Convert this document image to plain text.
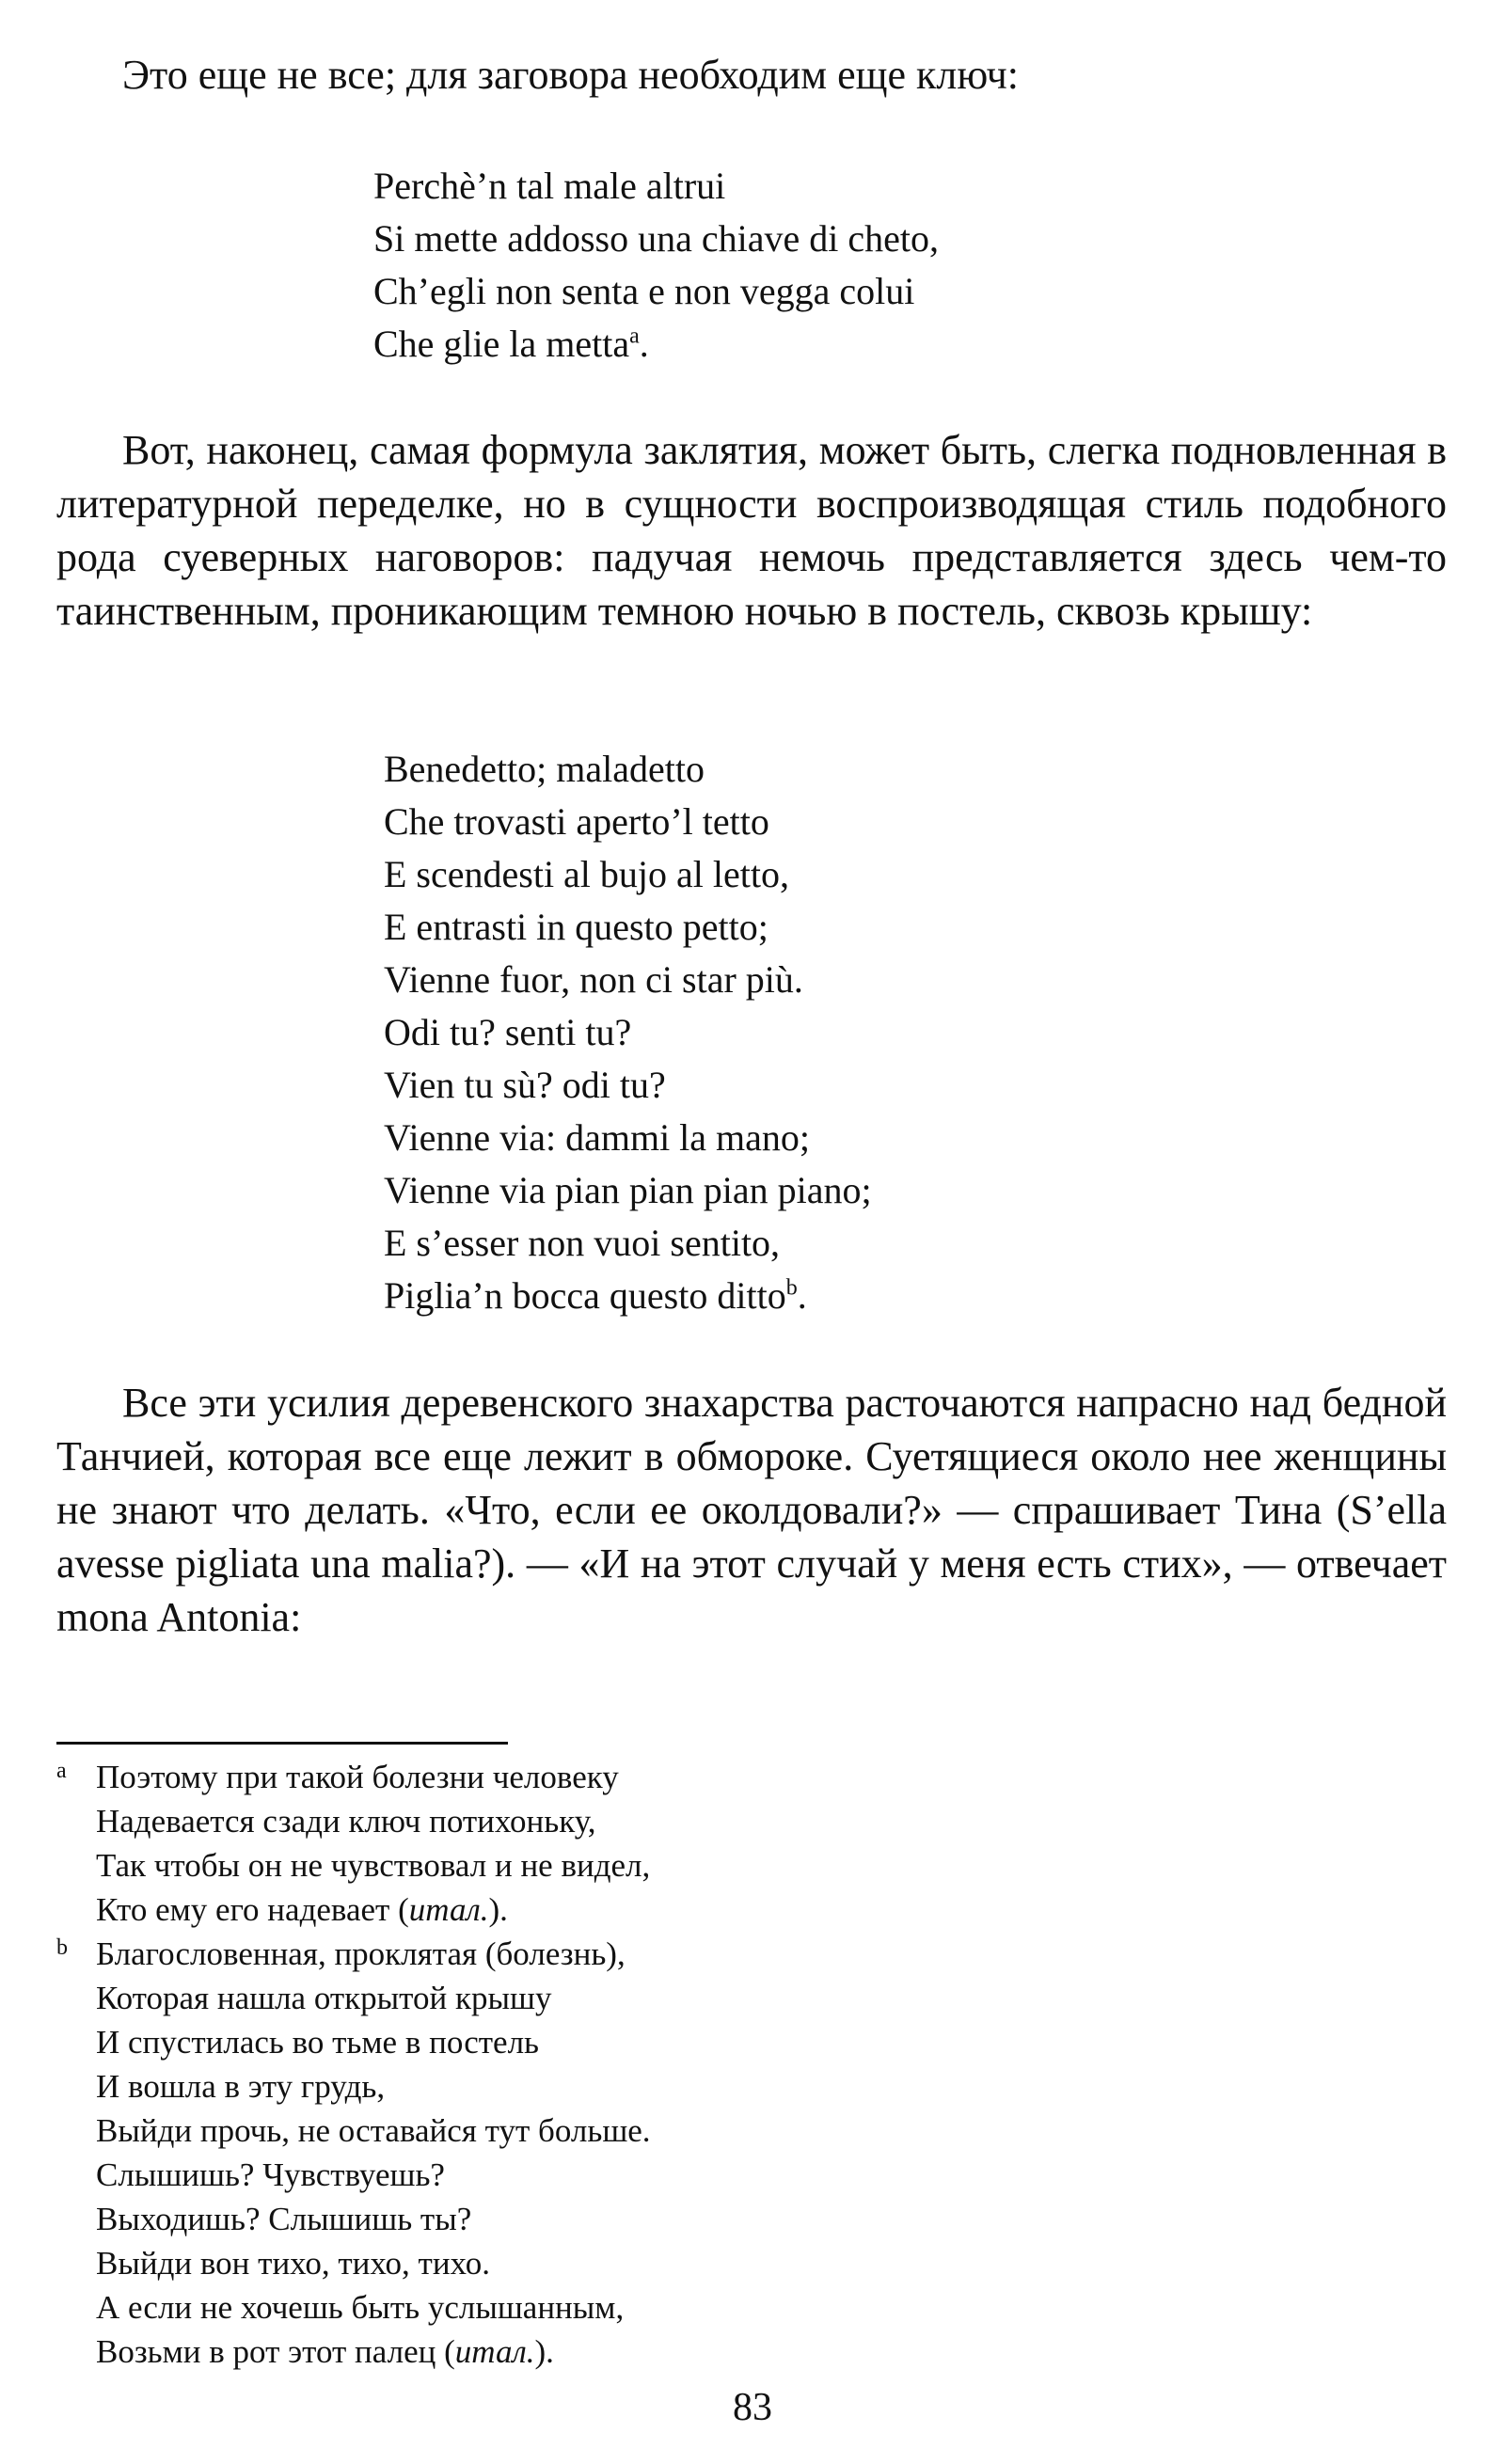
Это еще не все; для заговора необходим еще ключ:
Perchè’n tal male altrui
Si mette addosso una chiave di cheto,
Ch’egli non senta e non vegga colui
Che glie la metta$^a$.

Вот, наконец, самая формула заклятия, может быть, слегка подновленная в литературной переделке, но в сущности воспроизводящая стиль подобного рода суеверных наговоров: падучая немочь представляется здесь чем-то таинственным, проникающим темною ночью в постель, сквозь крышу:

Benedetto; maladetto
Che trovasti aperto’l tetto
E scendesti al bujo al letto,
E entrasti in questo petto;
Vienne fuor, non ci star più.
Odi tu? senti tu?
Vien tu sù? odi tu?
Vienne via: dammi la mano;
Vienne via pian pian pian piano;
E s’esser non vuoi sentito,
Piglia’n bocca questo ditto$^b$.

Все эти усилия деревенского знахарства расточаются напрасно над бедной Танчией, которая все еще лежит в обмороке. Суетящиеся около нее женщины не знают что делать. «Что, если ее околдовали?» — спрашивает Тина (S’ella avesse pigliata una malia?). — «И на этот случай у меня есть стих», — отвечает mona Antonia:

a Поэтому при такой болезни человеку
Надевается сзади ключ потихоньку,
Так чтобы он не чувствовал и не видел,
Кто ему его надевает (итал.).
b Благословенная, проклятая (болезнь),
Которая нашла открытой крышу
И спустилась во тьме в постель
И вошла в эту грудь,
Выйди прочь, не оставайся тут больше.
Слышишь? Чувствуешь?
Выходишь? Слышишь ты?
Выйди вон тихо, тихо, тихо.
А если не хочешь быть услышанным,
Возьми в рот этот палец (итал.).
83
